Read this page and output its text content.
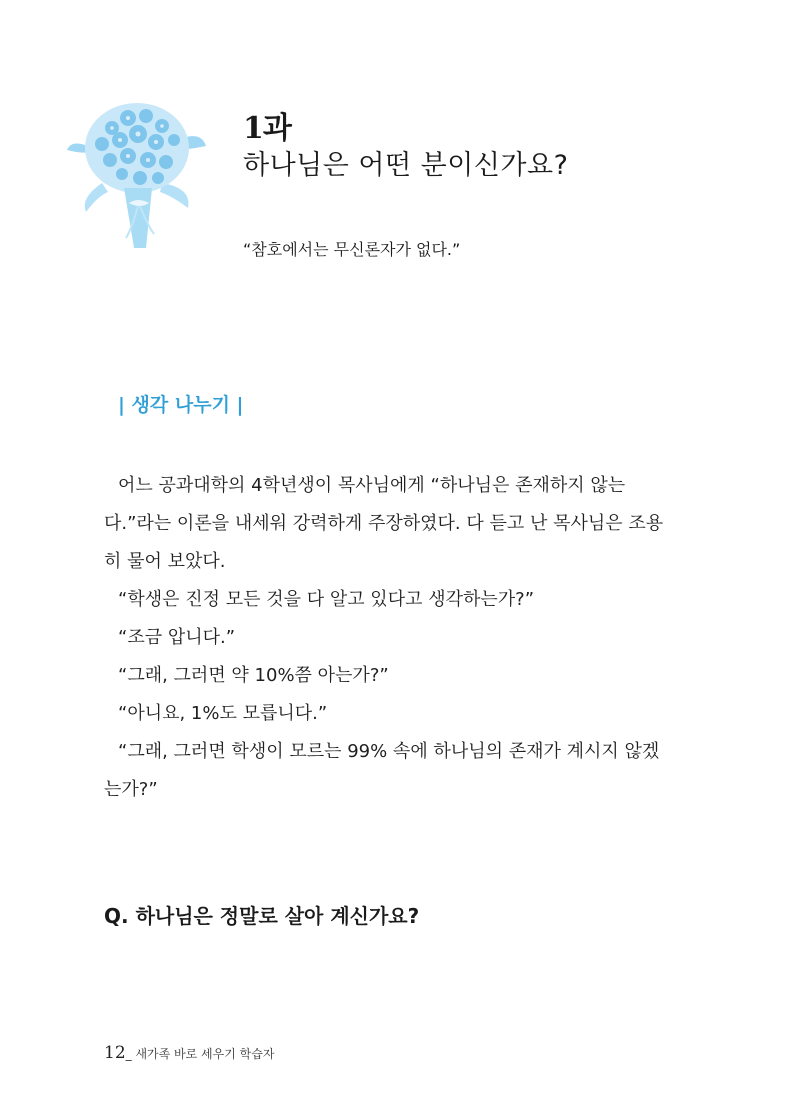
1과
하나님은 어떤 분이신가요?
“참호에서는 무신론자가 없다.”
| 생각 나누기 |

어느 공과대학의 4학년생이 목사님에게 “하나님은 존재하지 않는다.”라는 이론을 내세워 강력하게 주장하였다. 다 듣고 난 목사님은 조용히 물어 보았다.

“학생은 진정 모든 것을 다 알고 있다고 생각하는가?”

“조금 압니다.”

“그래, 그러면 약 10%쯤 아는가?”

“아니요, 1%도 모릅니다.”

“그래, 그러면 학생이 모르는 99% 속에 하나님의 존재가 계시지 않겠는가?”

Q. 하나님은 정말로 살아 계신가요?
12_ 새가족 바로 세우기 학습자
